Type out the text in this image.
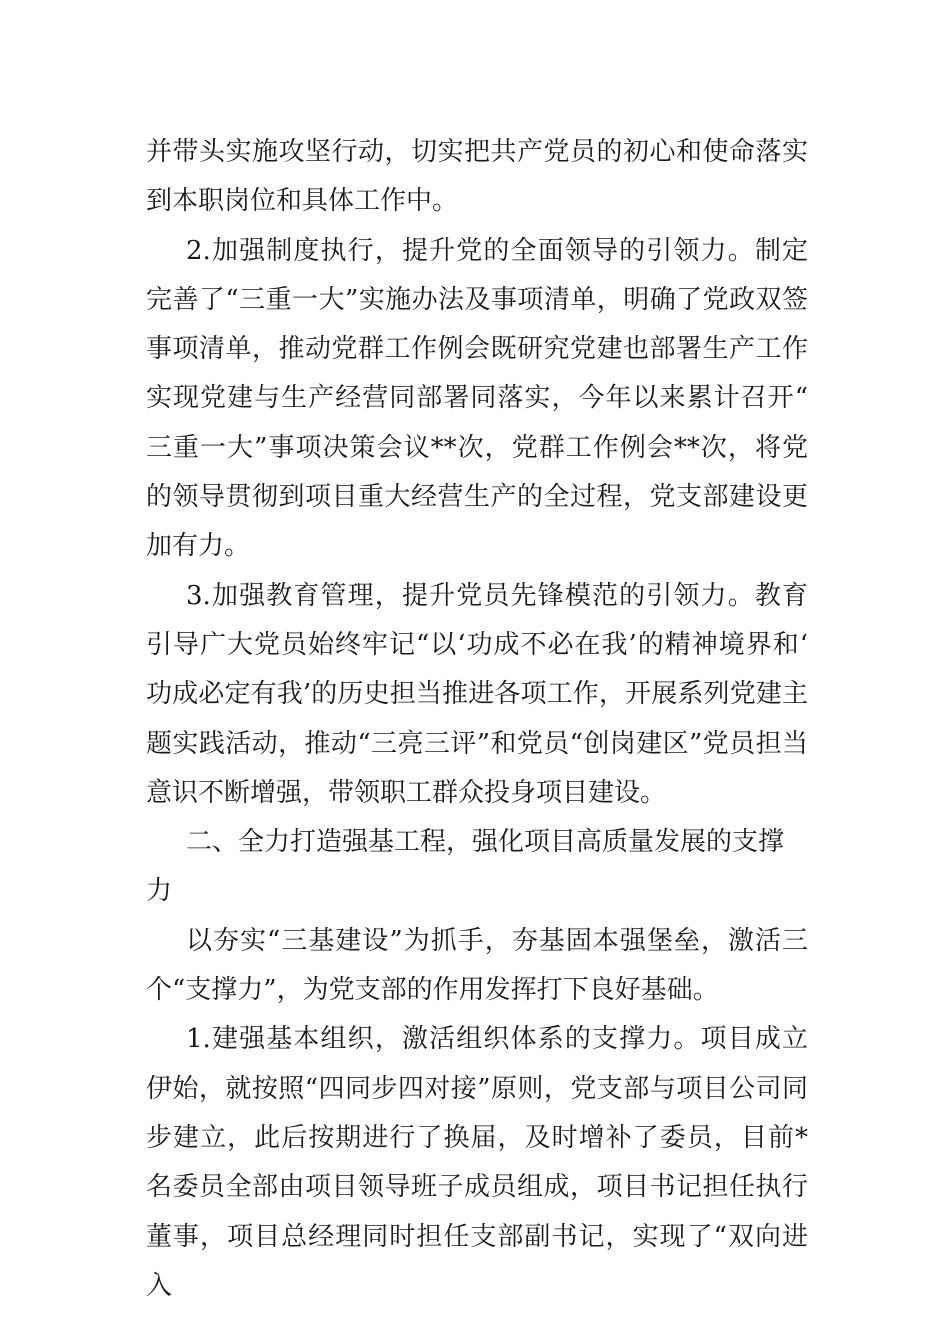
并带头实施攻坚行动，切实把共产党员的初心和使命落实到本职岗位和具体工作中。

2.加强制度执行，提升党的全面领导的引领力。制定完善了“三重一大”实施办法及事项清单，明确了党政双签事项清单，推动党群工作例会既研究党建也部署生产工作实现党建与生产经营同部署同落实，今年以来累计召开“三重一大”事项决策会议**次，党群工作例会**次，将党的领导贯彻到项目重大经营生产的全过程，党支部建设更加有力。

3.加强教育管理，提升党员先锋模范的引领力。教育引导广大党员始终牢记“以‘功成不必在我’的精神境界和‘功成必定有我’的历史担当推进各项工作，开展系列党建主题实践活动，推动“三亮三评”和党员“创岗建区”党员担当意识不断增强，带领职工群众投身项目建设。

二、全力打造强基工程，强化项目高质量发展的支撑力

以夯实“三基建设”为抓手，夯基固本强堡垒，激活三个“支撑力”，为党支部的作用发挥打下良好基础。

1.建强基本组织，激活组织体系的支撑力。项目成立伊始，就按照“四同步四对接”原则，党支部与项目公司同步建立，此后按期进行了换届，及时增补了委员，目前*名委员全部由项目领导班子成员组成，项目书记担任执行董事，项目总经理同时担任支部副书记，实现了“双向进入
